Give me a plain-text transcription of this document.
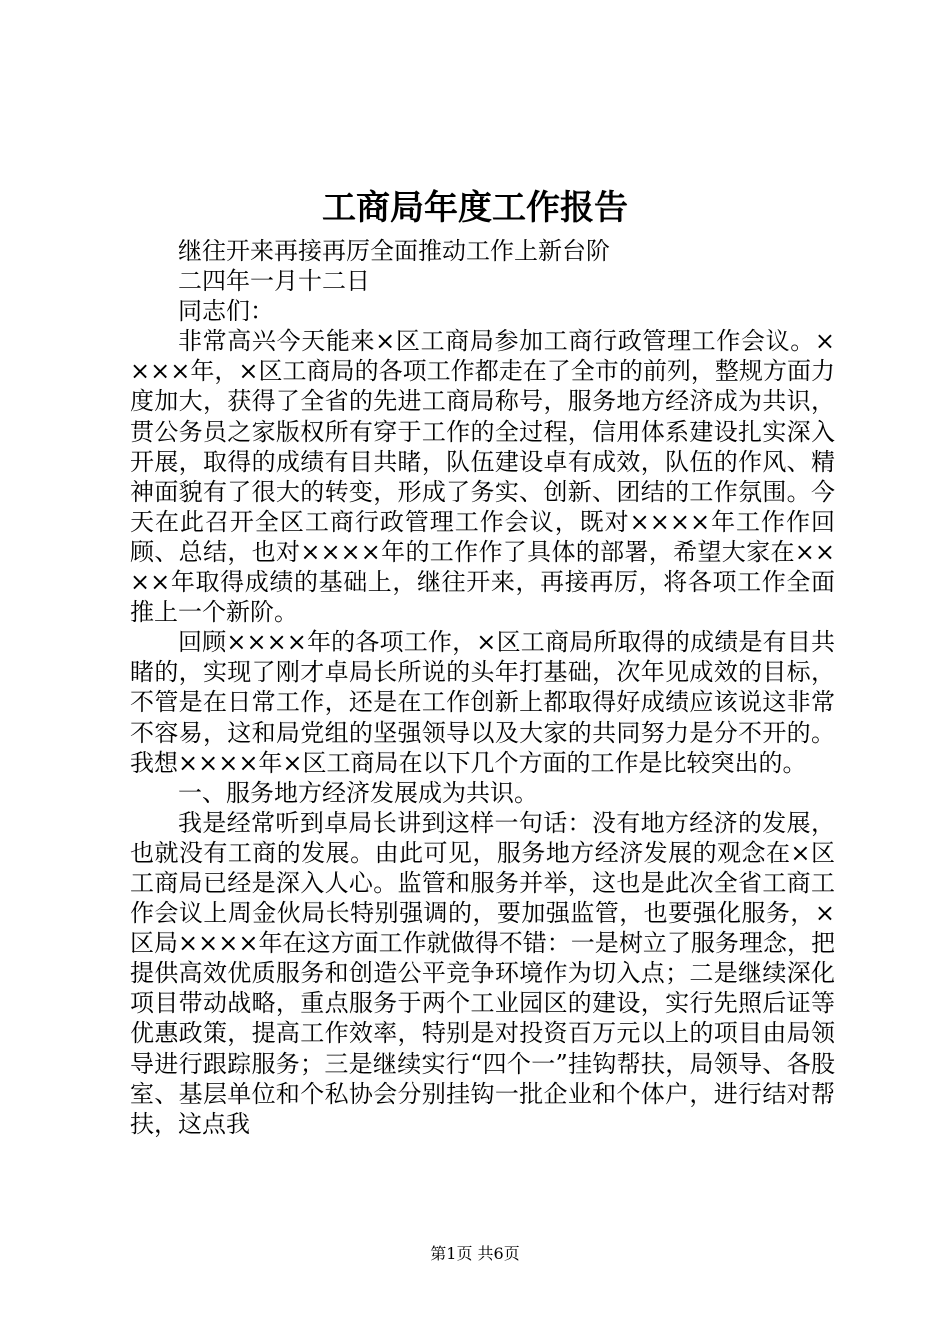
工商局年度工作报告

继往开来再接再厉全面推动工作上新台阶

二四年一月十二日

同志们：

非常高兴今天能来×区工商局参加工商行政管理工作会议。××××年，×区工商局的各项工作都走在了全市的前列，整规方面力度加大，获得了全省的先进工商局称号，服务地方经济成为共识，贯公务员之家版权所有穿于工作的全过程，信用体系建设扎实深入开展，取得的成绩有目共睹，队伍建设卓有成效，队伍的作风、精神面貌有了很大的转变，形成了务实、创新、团结的工作氛围。今天在此召开全区工商行政管理工作会议，既对××××年工作作回顾、总结，也对××××年的工作作了具体的部署，希望大家在××××年取得成绩的基础上，继往开来，再接再厉，将各项工作全面推上一个新阶。

回顾××××年的各项工作，×区工商局所取得的成绩是有目共睹的，实现了刚才卓局长所说的头年打基础，次年见成效的目标，不管是在日常工作，还是在工作创新上都取得好成绩应该说这非常不容易，这和局党组的坚强领导以及大家的共同努力是分不开的。我想××××年×区工商局在以下几个方面的工作是比较突出的。

一、服务地方经济发展成为共识。

我是经常听到卓局长讲到这样一句话：没有地方经济的发展，也就没有工商的发展。由此可见，服务地方经济发展的观念在×区工商局已经是深入人心。监管和服务并举，这也是此次全省工商工作会议上周金伙局长特别强调的，要加强监管，也要强化服务，×区局××××年在这方面工作就做得不错：一是树立了服务理念，把提供高效优质服务和创造公平竞争环境作为切入点；二是继续深化项目带动战略，重点服务于两个工业园区的建设，实行先照后证等优惠政策，提高工作效率，特别是对投资百万元以上的项目由局领导进行跟踪服务；三是继续实行“四个一”挂钩帮扶，局领导、各股室、基层单位和个私协会分别挂钩一批企业和个体户，进行结对帮扶，这点我

第1页 共6页
